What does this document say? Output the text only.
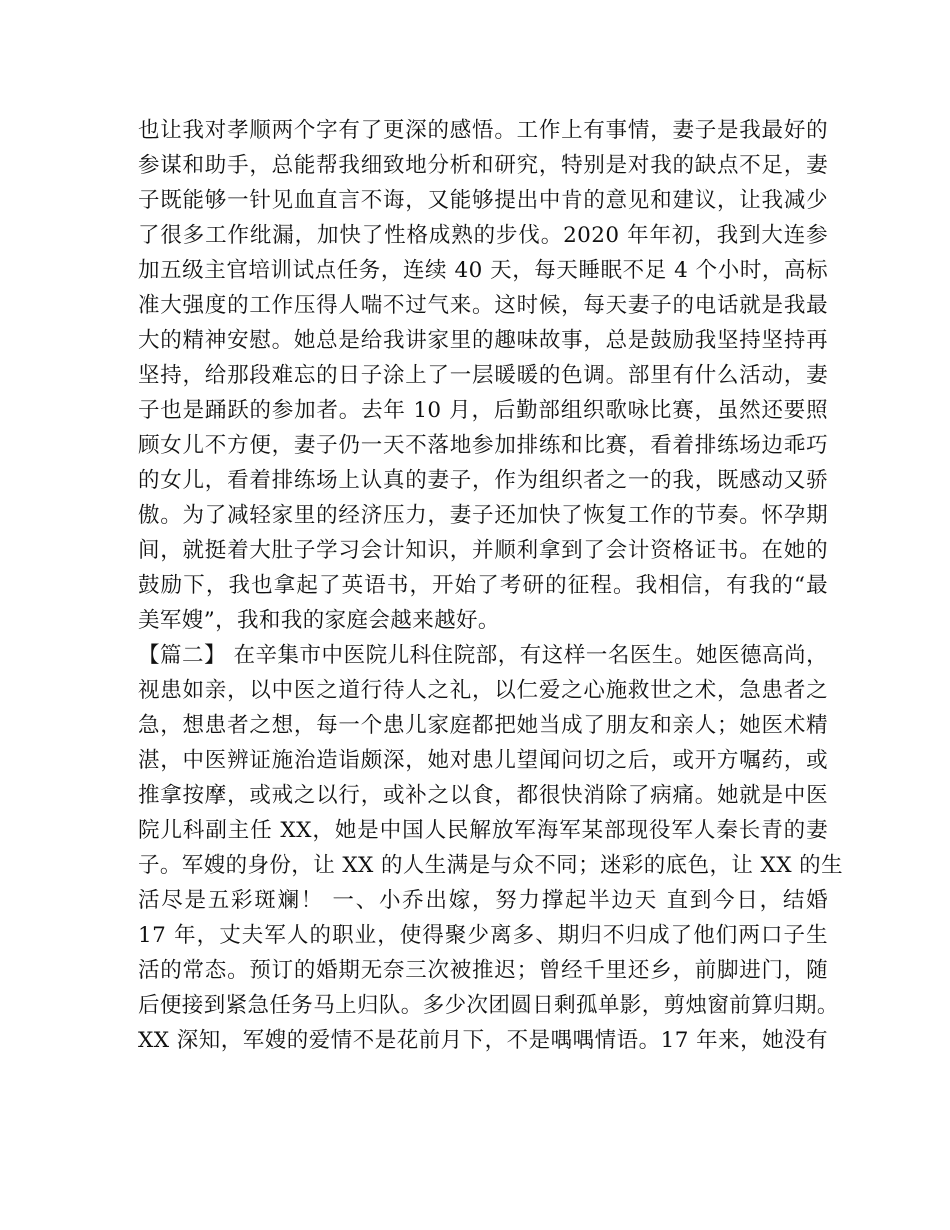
也让我对孝顺两个字有了更深的感悟。工作上有事情，妻子是我最好的
参谋和助手，总能帮我细致地分析和研究，特别是对我的缺点不足，妻
子既能够一针见血直言不诲，又能够提出中肯的意见和建议，让我减少
了很多工作纰漏，加快了性格成熟的步伐。2020 年年初，我到大连参
加五级主官培训试点任务，连续 40 天，每天睡眠不足 4 个小时，高标
准大强度的工作压得人喘不过气来。这时候，每天妻子的电话就是我最
大的精神安慰。她总是给我讲家里的趣味故事，总是鼓励我坚持坚持再
坚持，给那段难忘的日子涂上了一层暖暖的色调。部里有什么活动，妻
子也是踊跃的参加者。去年 10 月，后勤部组织歌咏比赛，虽然还要照
顾女儿不方便，妻子仍一天不落地参加排练和比赛，看着排练场边乖巧
的女儿，看着排练场上认真的妻子，作为组织者之一的我，既感动又骄
傲。为了减轻家里的经济压力，妻子还加快了恢复工作的节奏。怀孕期
间，就挺着大肚子学习会计知识，并顺利拿到了会计资格证书。在她的
鼓励下，我也拿起了英语书，开始了考研的征程。我相信，有我的“最
美军嫂”，我和我的家庭会越来越好。
【篇二】 在辛集市中医院儿科住院部，有这样一名医生。她医德高尚，
视患如亲，以中医之道行待人之礼，以仁爱之心施救世之术，急患者之
急，想患者之想，每一个患儿家庭都把她当成了朋友和亲人；她医术精
湛，中医辨证施治造诣颇深，她对患儿望闻问切之后，或开方嘱药，或
推拿按摩，或戒之以行，或补之以食，都很快消除了病痛。她就是中医
院儿科副主任 XX，她是中国人民解放军海军某部现役军人秦长青的妻
子。军嫂的身份，让 XX 的人生满是与众不同；迷彩的底色，让 XX 的生
活尽是五彩斑斓！ 一、小乔出嫁，努力撑起半边天 直到今日，结婚
17 年，丈夫军人的职业，使得聚少离多、期归不归成了他们两口子生
活的常态。预订的婚期无奈三次被推迟；曾经千里还乡，前脚进门，随
后便接到紧急任务马上归队。多少次团圆日剩孤单影，剪烛窗前算归期。
XX 深知，军嫂的爱情不是花前月下，不是喁喁情语。17 年来，她没有
